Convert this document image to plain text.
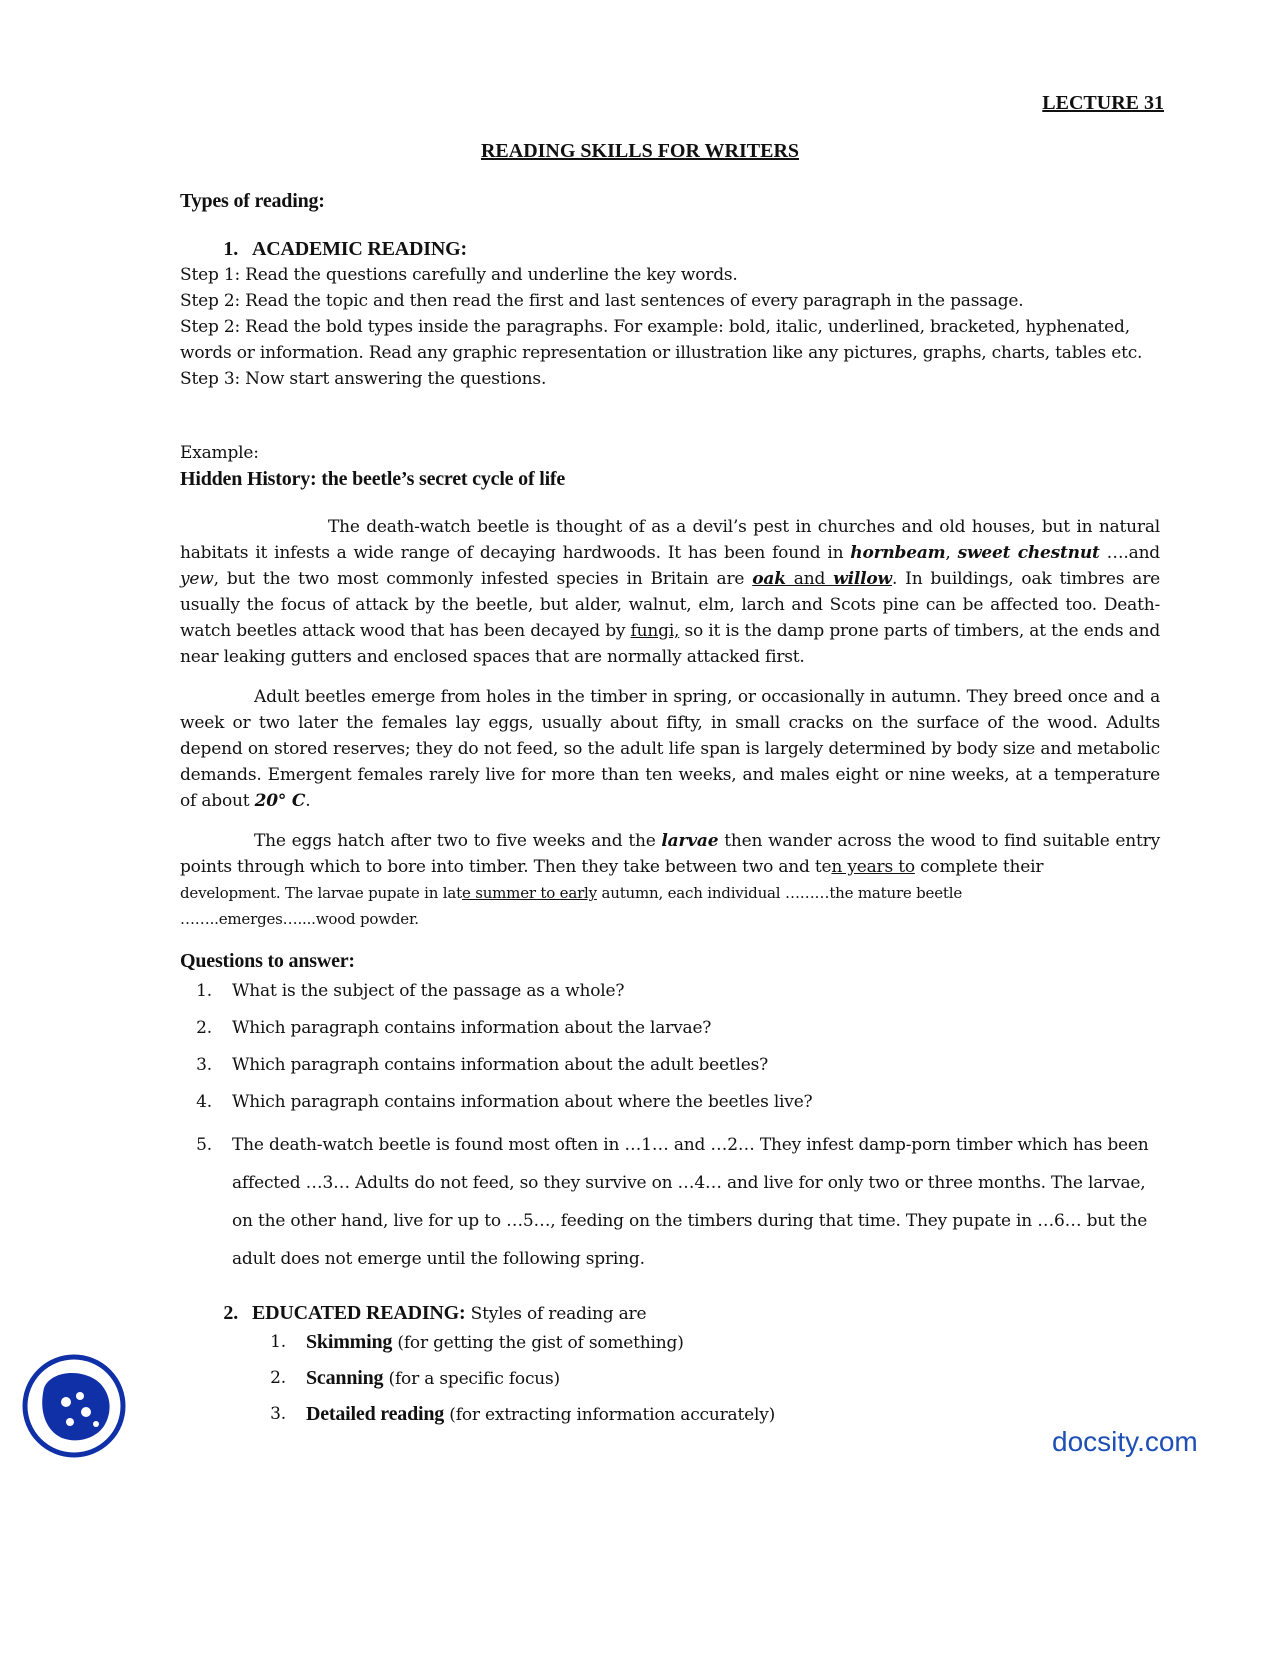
LECTURE 31
READING SKILLS FOR WRITERS
Types of reading:
1. ACADEMIC READING:

Step 1: Read the questions carefully and underline the key words.

Step 2: Read the topic and then read the first and last sentences of every paragraph in the passage.

Step 2: Read the bold types inside the paragraphs. For example: bold, italic, underlined, bracketed, hyphenated, words or information. Read any graphic representation or illustration like any pictures, graphs, charts, tables etc.

Step 3: Now start answering the questions.

Example:

Hidden History: the beetle’s secret cycle of life

The death-watch beetle is thought of as a devil’s pest in churches and old houses, but in natural habitats it infests a wide range of decaying hardwoods. It has been found in hornbeam, sweet chestnut ….and yew, but the two most commonly infested species in Britain are oak and willow. In buildings, oak timbres are usually the focus of attack by the beetle, but alder, walnut, elm, larch and Scots pine can be affected too. Death-watch beetles attack wood that has been decayed by fungi, so it is the damp prone parts of timbers, at the ends and near leaking gutters and enclosed spaces that are normally attacked first.

Adult beetles emerge from holes in the timber in spring, or occasionally in autumn. They breed once and a week or two later the females lay eggs, usually about fifty, in small cracks on the surface of the wood. Adults depend on stored reserves; they do not feed, so the adult life span is largely determined by body size and metabolic demands. Emergent females rarely live for more than ten weeks, and males eight or nine weeks, at a temperature of about 20° C.

The eggs hatch after two to five weeks and the larvae then wander across the wood to find suitable entry points through which to bore into timber. Then they take between two and ten years to complete their
development. The larvae pupate in late summer to early autumn, each individual ………the mature beetle
……..emerges…....wood powder.

Questions to answer:
1.	What is the subject of the passage as a whole?
2.	Which paragraph contains information about the larvae?
3.	Which paragraph contains information about the adult beetles?
4.	Which paragraph contains information about where the beetles live?
5.	The death-watch beetle is found most often in …1… and …2… They infest damp-porn timber which has been affected …3… Adults do not feed, so they survive on …4… and live for only two or three months. The larvae, on the other hand, live for up to …5…, feeding on the timbers during that time. They pupate in …6… but the adult does not emerge until the following spring.
2. EDUCATED READING: Styles of reading are
1.	Skimming (for getting the gist of something)
2.	Scanning (for a specific focus)
3.	Detailed reading (for extracting information accurately)
docsity.com
